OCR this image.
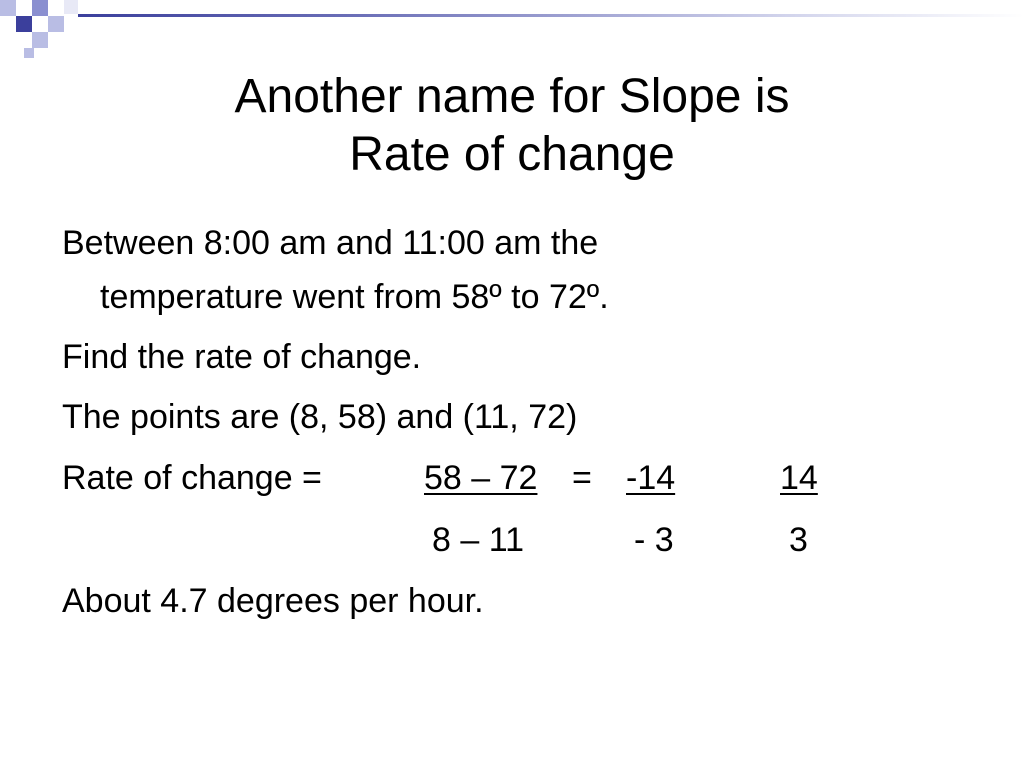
Another name for Slope is
Rate of change
Between 8:00 am and 11:00 am the
temperature went from 58º to 72º.
Find the rate of change.
The points are (8, 58) and (11, 72)
Rate of change =	58 – 72 = -14	14
8 – 11	- 3	3
About 4.7 degrees per hour.
